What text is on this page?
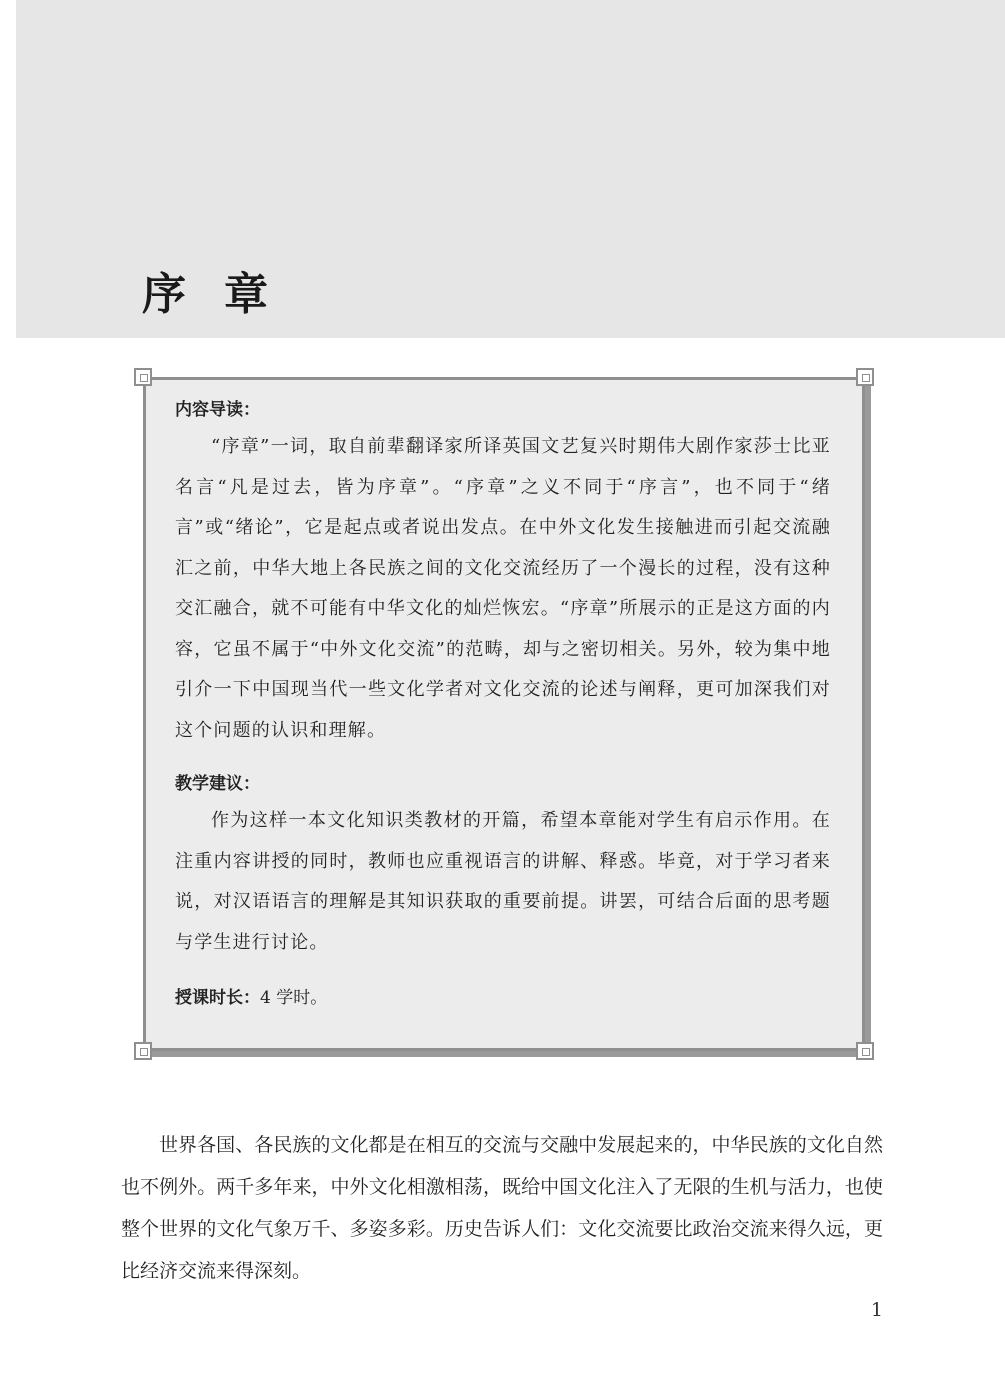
序章

内容导读：

“序章”一词，取自前辈翻译家所译英国文艺复兴时期伟大剧作家莎士比亚名言“凡是过去，皆为序章”。“序章”之义不同于“序言”，也不同于“绪言”或“绪论”，它是起点或者说出发点。在中外文化发生接触进而引起交流融汇之前，中华大地上各民族之间的文化交流经历了一个漫长的过程，没有这种交汇融合，就不可能有中华文化的灿烂恢宏。“序章”所展示的正是这方面的内容，它虽不属于“中外文化交流”的范畴，却与之密切相关。另外，较为集中地引介一下中国现当代一些文化学者对文化交流的论述与阐释，更可加深我们对这个问题的认识和理解。

教学建议：

作为这样一本文化知识类教材的开篇，希望本章能对学生有启示作用。在注重内容讲授的同时，教师也应重视语言的讲解、释惑。毕竟，对于学习者来说，对汉语语言的理解是其知识获取的重要前提。讲罢，可结合后面的思考题与学生进行讨论。

授课时长：4 学时。

世界各国、各民族的文化都是在相互的交流与交融中发展起来的，中华民族的文化自然也不例外。两千多年来，中外文化相激相荡，既给中国文化注入了无限的生机与活力，也使整个世界的文化气象万千、多姿多彩。历史告诉人们：文化交流要比政治交流来得久远，更比经济交流来得深刻。

1
